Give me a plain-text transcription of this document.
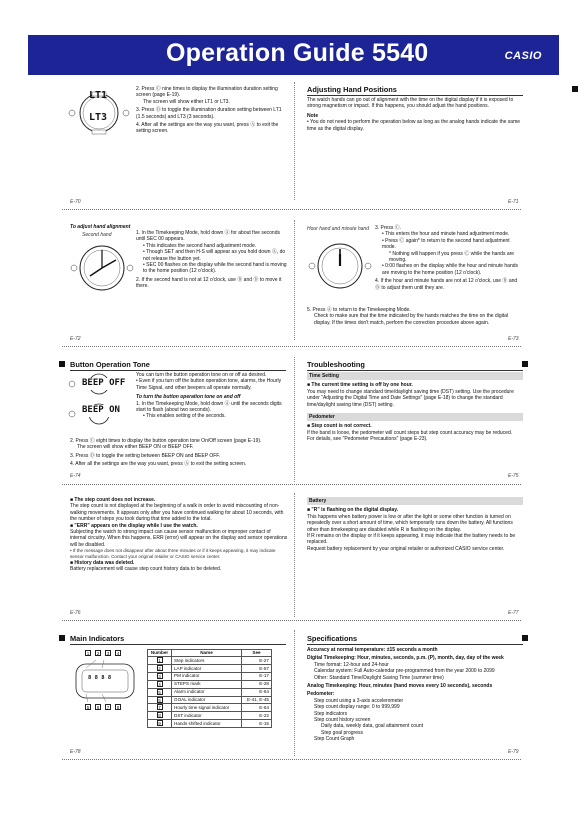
Operation Guide 5540	CASIO
LT1
LT3
2. Press Ⓒ nine times to display the illumination duration setting screen (page E-19).
The screen will show either LT1 or LT3.
3. Press Ⓓ to toggle the illumination duration setting between LT1 (1.5 seconds) and LT3 (3 seconds).
4. After all the settings are the way you want, press Ⓐ to exit the setting screen.
E-70
Adjusting Hand Positions
The watch hands can go out of alignment with the time on the digital display if it is exposed to strong magnetism or impact. If this happens, you should adjust the hand positions.
Note
• You do not need to perform the operation below as long as the analog hands indicate the same time as the digital display.
E-71
To adjust hand alignment
Second hand	1. In the Timekeeping Mode, hold down Ⓐ for about five seconds until SEC 00 appears.
• This indicates the second hand adjustment mode.
• Though SET and then H-S will appear as you hold down Ⓐ, do not release the button yet.
• SEC 00 flashes on the display while the second hand is moving to the home position (12 o'clock).
2. If the second hand is not at 12 o'clock, use Ⓑ and Ⓓ to move it there.
E-72
Hour hand and minute hand 3. Press Ⓒ.
• This enters the hour and minute hand adjustment mode.
• Press Ⓒ again* to return to the second hand adjustment mode.
* Nothing will happen if you press Ⓒ while the hands are moving.
• 0:00 flashes on the display while the hour and minute hands are moving to the home position (12 o'clock).
4. If the hour and minute hands are not at 12 o'clock, use Ⓑ and Ⓓ to adjust them until they are.
5. Press Ⓐ to return to the Timekeeping Mode.
Check to make sure that the time indicated by the hands matches the time on the digital display. If the times don't match, perform the correction procedure above again.
E-73
Button Operation Tone
BEEP OFF
BEEP ON
You can turn the button operation tone on or off as desired.
• Even if you turn off the button operation tone, alarms, the Hourly Time Signal, and other beepers all operate normally.
To turn the button operation tone on and off
1. In the Timekeeping Mode, hold down Ⓐ until the seconds digits start to flash (about two seconds).
• This enables setting of the seconds.
2. Press Ⓒ eight times to display the button operation tone On/Off screen (page E-19).
The screen will show either BEEP ON or BEEP OFF.
3. Press Ⓓ to toggle the setting between BEEP ON and BEEP OFF.
4. After all the settings are the way you want, press Ⓐ to exit the setting screen.
E-74
Troubleshooting
Time Setting
■ The current time setting is off by one hour.
You may need to change standard time/daylight saving time (DST) setting. Use the procedure under "Adjusting the Digital Time and Date Settings" (page E-18) to change the standard time/daylight saving time (DST) setting.
Pedometer
■ Step count is not correct.
If the band is loose, the pedometer will count steps but step count accuracy may be reduced.
For details, see "Pedometer Precautions" (page E-23).
E-75
■ The step count does not increase.
The step count is not displayed at the beginning of a walk in order to avoid miscounting of non-walking movements. It appears only after you have continued walking for about 10 seconds, with the number of steps you took during that time added to the total.
■ "ERR" appears on the display while I use the watch.
Subjecting the watch to strong impact can cause sensor malfunction or improper contact of internal circuitry. When this happens, ERR (error) will appear on the display and sensor operations will be disabled.
• If the message does not disappear after about three minutes or if it keeps appearing, it may indicate sensor malfunction. Contact your original retailer or CASIO service center.
■ History data was deleted.
Battery replacement will cause step count history data to be deleted.
E-76
Battery
■ "R" is flashing on the digital display.
This happens when battery power is low or after the light or some other function is turned on repeatedly over a short amount of time, which temporarily runs down the battery. All functions other than timekeeping are disabled while R is flashing on the display.
If R remains on the display or if it keeps appearing, it may indicate that the battery needs to be replaced.
Request battery replacement by your original retailer or authorized CASIO service center.
E-77
Main Indicators
1	2	3	4
8 8 8 8
5	6	7	8
Number	Name	See
1	Step indicators	E-27
2	LAP indicator	E-57
3	PM indicator	E-17
4	STEPS mark	E-28
5	Alarm indicator	E-64
6	GOAL indicator	E-41, E-45
7	Hourly time signal indicator	E-64
8	DST indicator	E-22
9	Hands shifted indicator	E-15
E-78
Specifications
Accuracy at normal temperature: ±15 seconds a month
Digital Timekeeping: Hour, minutes, seconds, p.m. (P), month, day, day of the week
Time format: 12-hour and 24-hour
Calendar system: Full Auto-calendar pre-programmed from the year 2000 to 2099
Other: Standard Time/Daylight Saving Time (summer time)
Analog Timekeeping: Hour, minutes (hand moves every 10 seconds), seconds
Pedometer:
Step count using a 3-axis accelerometer
Step count display range: 0 to 999,999
Step indicators
Step count history screen
Daily data, weekly data, goal attainment count
Step goal progress
Step Count Graph
E-79
